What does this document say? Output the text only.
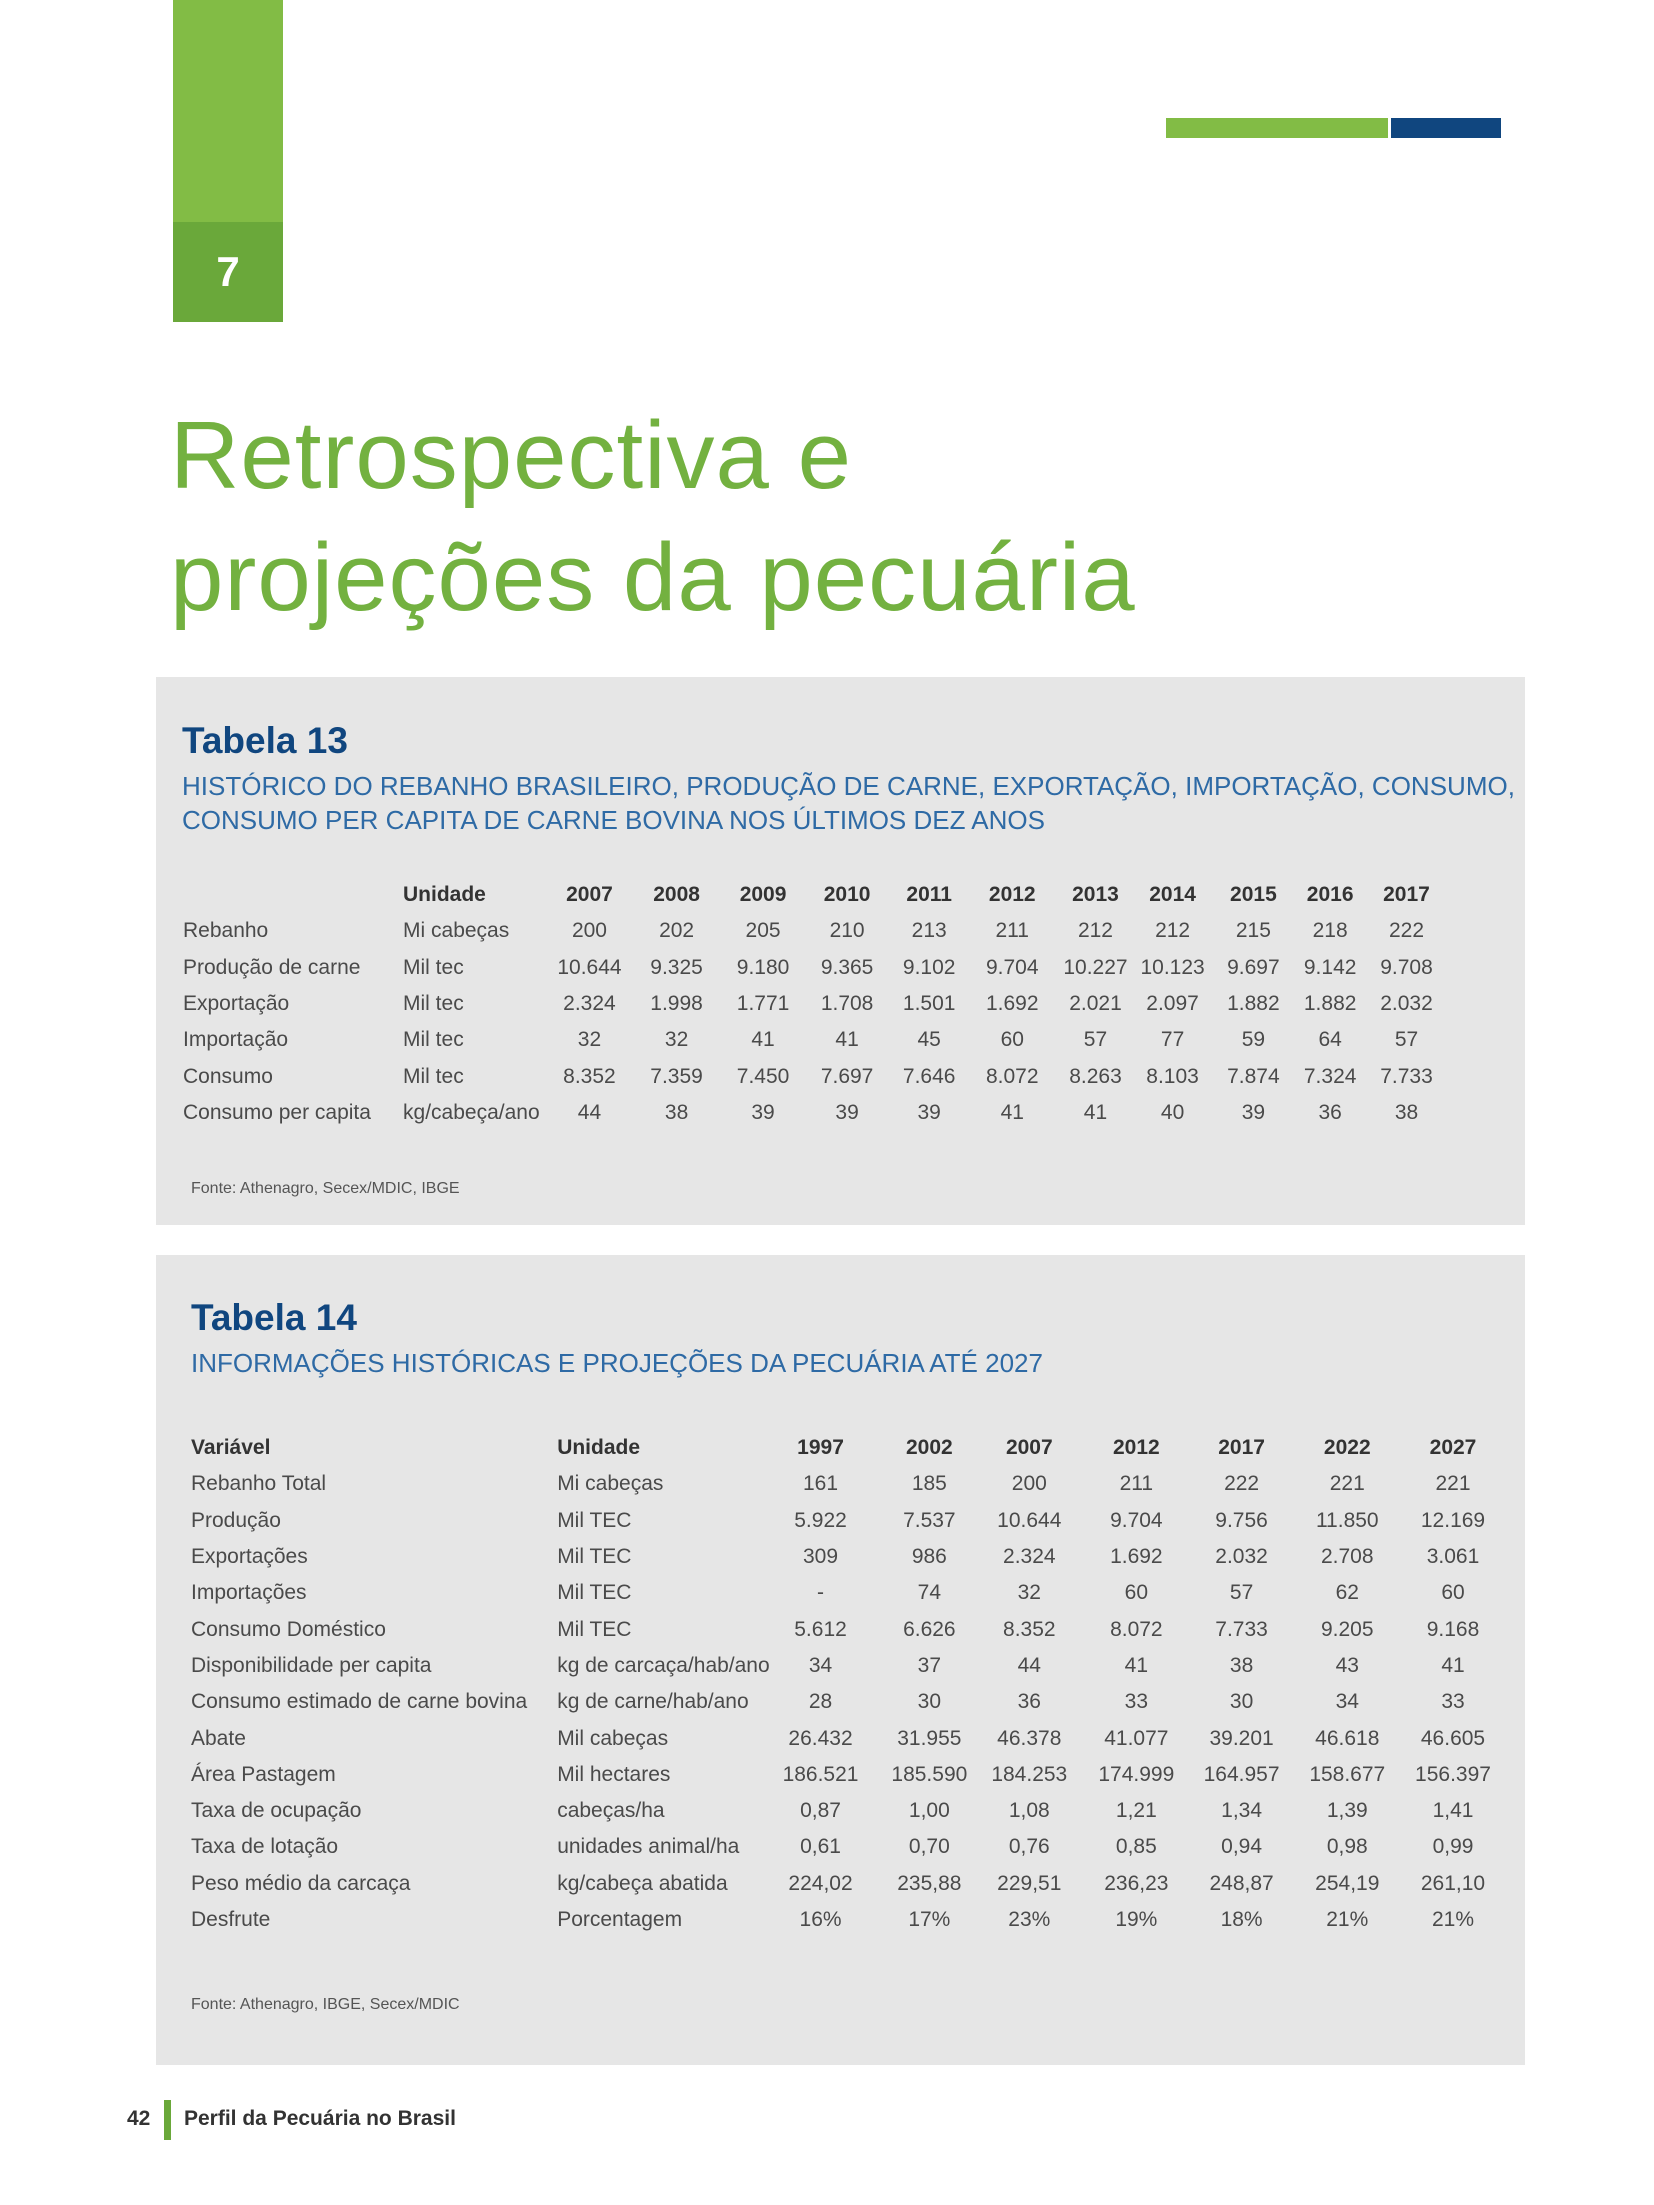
7
Retrospectiva e
projeções da pecuária
Tabela 13

HISTÓRICO DO REBANHO BRASILEIRO, PRODUÇÃO DE CARNE, EXPORTAÇÃO, IMPORTAÇÃO, CONSUMO,
CONSUMO PER CAPITA DE CARNE BOVINA NOS ÚLTIMOS DEZ ANOS

	Unidade	2007	2008	2009	2010	2011	2012	2013	2014	2015	2016	2017
Rebanho	Mi cabeças	200	202	205	210	213	211	212	212	215	218	222
Produção de carne	Mil tec	10.644	9.325	9.180	9.365	9.102	9.704	10.227	10.123	9.697	9.142	9.708
Exportação	Mil tec	2.324	1.998	1.771	1.708	1.501	1.692	2.021	2.097	1.882	1.882	2.032
Importação	Mil tec	32	32	41	41	45	60	57	77	59	64	57
Consumo	Mil tec	8.352	7.359	7.450	7.697	7.646	8.072	8.263	8.103	7.874	7.324	7.733
Consumo per capita	kg/cabeça/ano	44	38	39	39	39	41	41	40	39	36	38
Fonte: Athenagro, Secex/MDIC, IBGE
Tabela 14

INFORMAÇÕES HISTÓRICAS E PROJEÇÕES DA PECUÁRIA ATÉ 2027

Variável	Unidade	1997	2002	2007	2012	2017	2022	2027
Rebanho Total	Mi cabeças	161	185	200	211	222	221	221
Produção	Mil TEC	5.922	7.537	10.644	9.704	9.756	11.850	12.169
Exportações	Mil TEC	309	986	2.324	1.692	2.032	2.708	3.061
Importações	Mil TEC	-	74	32	60	57	62	60
Consumo Doméstico	Mil TEC	5.612	6.626	8.352	8.072	7.733	9.205	9.168
Disponibilidade per capita	kg de carcaça/hab/ano	34	37	44	41	38	43	41
Consumo estimado de carne bovina	kg de carne/hab/ano	28	30	36	33	30	34	33
Abate	Mil cabeças	26.432	31.955	46.378	41.077	39.201	46.618	46.605
Área Pastagem	Mil hectares	186.521	185.590	184.253	174.999	164.957	158.677	156.397
Taxa de ocupação	cabeças/ha	0,87	1,00	1,08	1,21	1,34	1,39	1,41
Taxa de lotação	unidades animal/ha	0,61	0,70	0,76	0,85	0,94	0,98	0,99
Peso médio da carcaça	kg/cabeça abatida	224,02	235,88	229,51	236,23	248,87	254,19	261,10
Desfrute	Porcentagem	16%	17%	23%	19%	18%	21%	21%
Fonte: Athenagro, IBGE, Secex/MDIC
42 Perfil da Pecuária no Brasil
